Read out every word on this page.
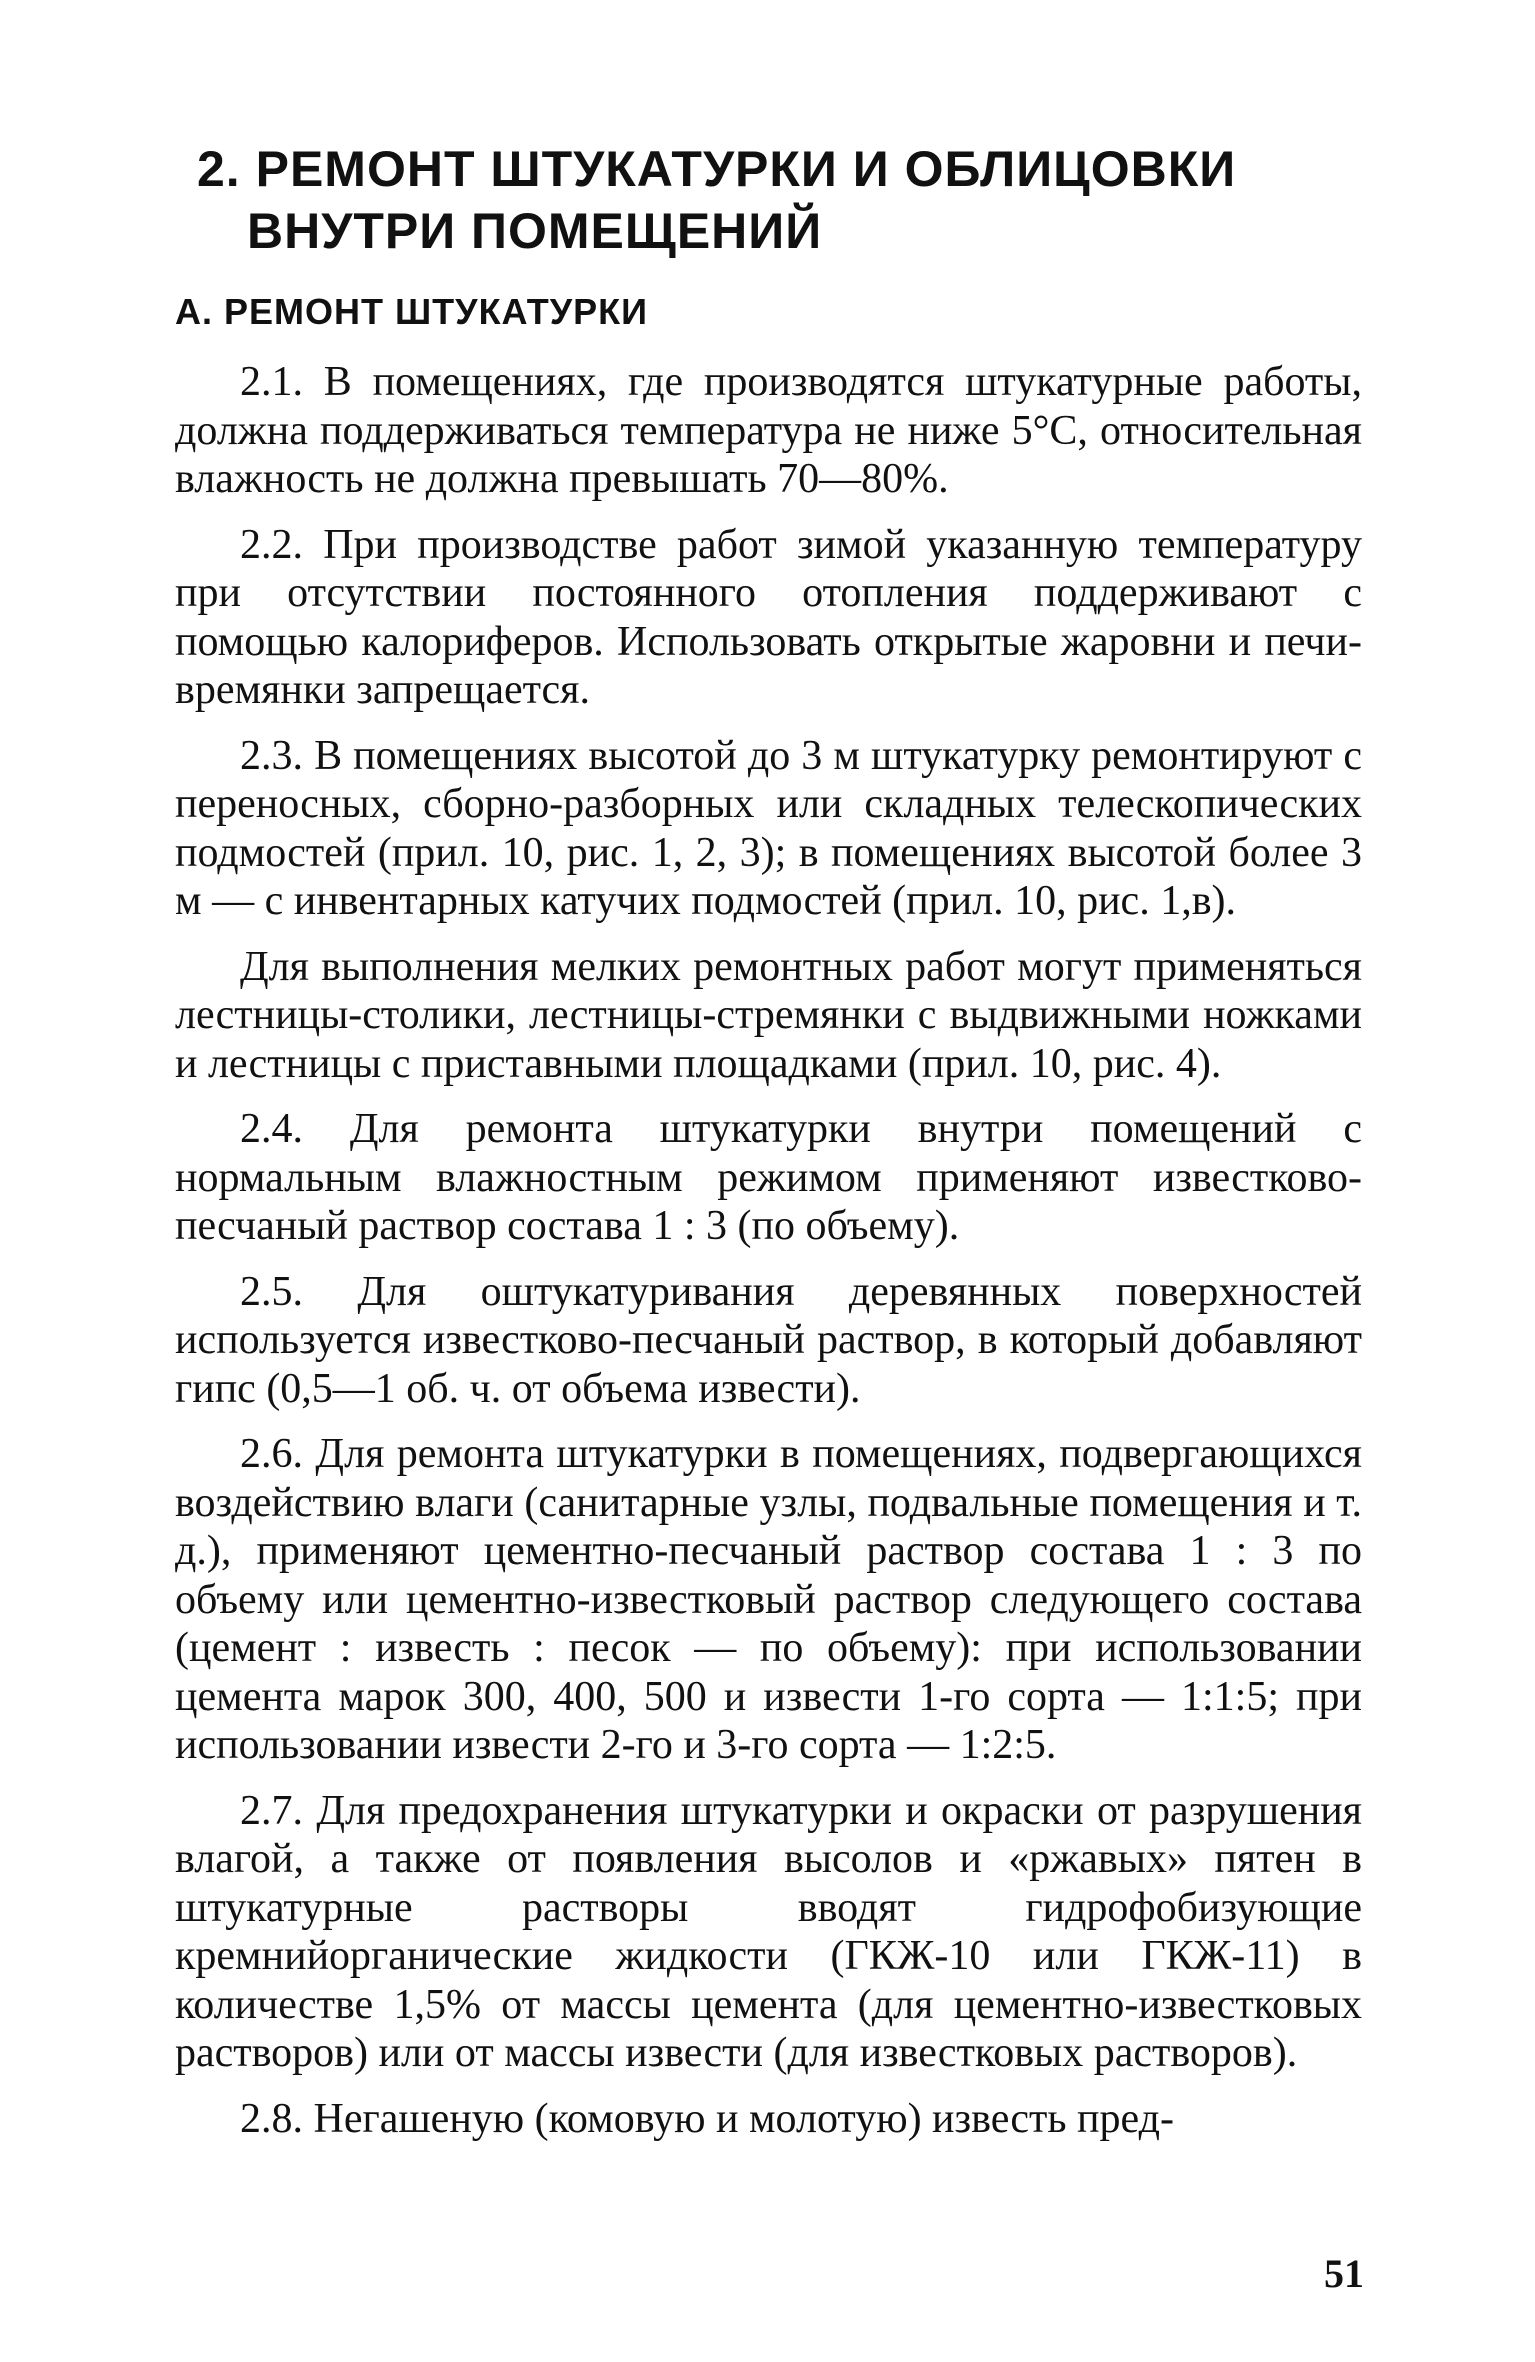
2. РЕМОНТ ШТУКАТУРКИ И ОБЛИЦОВКИ
ВНУТРИ ПОМЕЩЕНИЙ
А. РЕМОНТ ШТУКАТУРКИ

2.1. В помещениях, где производятся штукатурные работы, должна поддерживаться температура не ниже 5°С, относительная влажность не должна превышать 70—80%.

2.2. При производстве работ зимой указанную температуру при отсутствии постоянного отопления поддерживают с помощью калориферов. Использовать открытые жаровни и печи-времянки запрещается.

2.3. В помещениях высотой до 3 м штукатурку ремонтируют с переносных, сборно-разборных или складных телескопических подмостей (прил. 10, рис. 1, 2, 3); в помещениях высотой более 3 м — с инвентарных катучих подмостей (прил. 10, рис. 1,в).

Для выполнения мелких ремонтных работ могут применяться лестницы-столики, лестницы-стремянки с выдвижными ножками и лестницы с приставными площадками (прил. 10, рис. 4).

2.4. Для ремонта штукатурки внутри помещений с нормальным влажностным режимом применяют известково-песчаный раствор состава 1 : 3 (по объему).

2.5. Для оштукатуривания деревянных поверхностей используется известково-песчаный раствор, в который добавляют гипс (0,5—1 об. ч. от объема извести).

2.6. Для ремонта штукатурки в помещениях, подвергающихся воздействию влаги (санитарные узлы, подвальные помещения и т. д.), применяют цементно-песчаный раствор состава 1 : 3 по объему или цементно-известковый раствор следующего состава (цемент : известь : песок — по объему): при использовании цемента марок 300, 400, 500 и извести 1-го сорта — 1:1:5; при использовании извести 2-го и 3-го сорта — 1:2:5.

2.7. Для предохранения штукатурки и окраски от разрушения влагой, а также от появления высолов и «ржавых» пятен в штукатурные растворы вводят гидрофобизующие кремнийорганические жидкости (ГКЖ-10 или ГКЖ-11) в количестве 1,5% от массы цемента (для цементно-известковых растворов) или от массы извести (для известковых растворов).

2.8. Негашеную (комовую и молотую) известь пред-

51
